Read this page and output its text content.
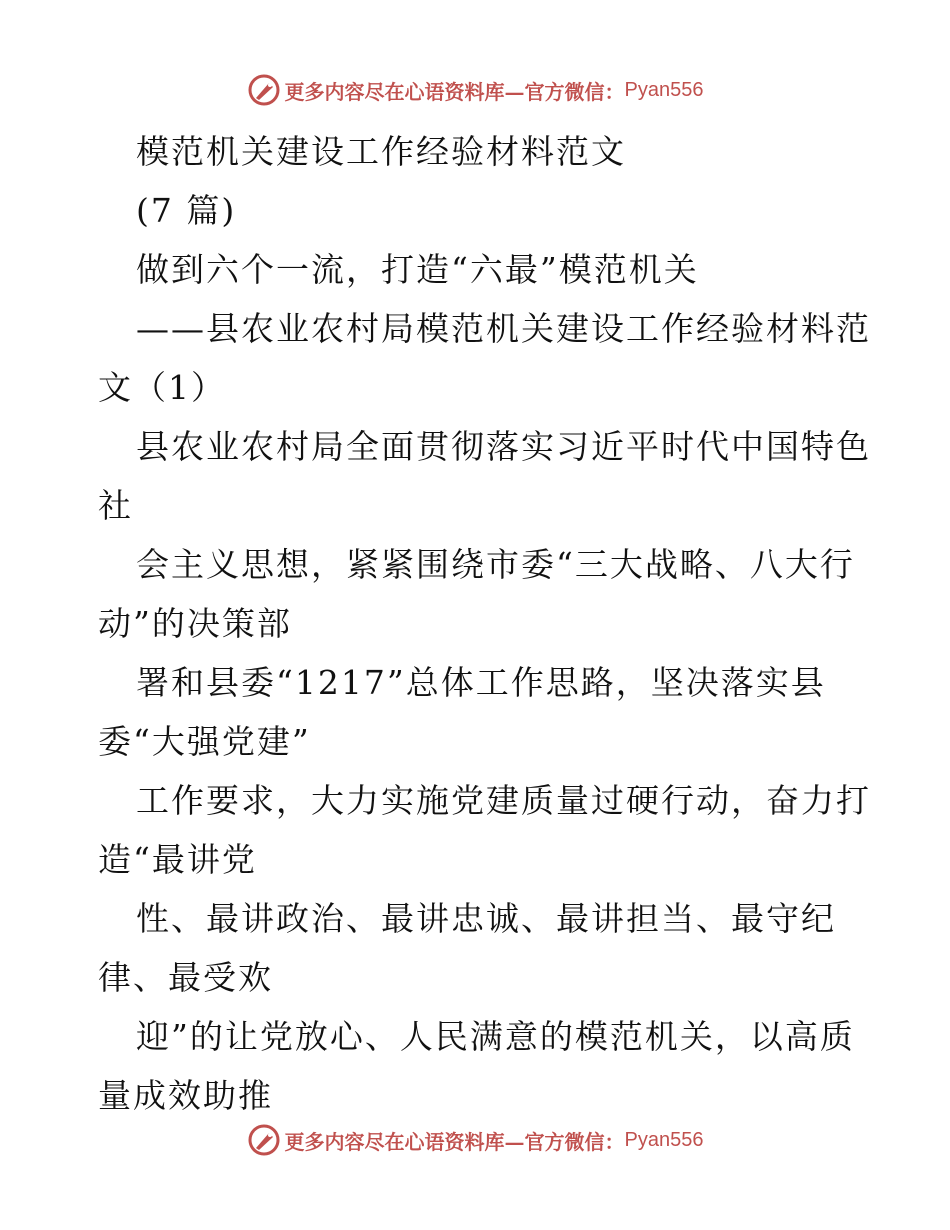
更多内容尽在心语资料库—官方微信： Pyan556
模范机关建设工作经验材料范文
(7 篇)
做到六个一流，打造“六最”模范机关
——县农业农村局模范机关建设工作经验材料范
文（1）
县农业农村局全面贯彻落实习近平时代中国特色
社
会主义思想，紧紧围绕市委“三大战略、八大行
动”的决策部
署和县委“1217”总体工作思路，坚决落实县
委“大强党建”
工作要求，大力实施党建质量过硬行动，奋力打
造“最讲党
性、最讲政治、最讲忠诚、最讲担当、最守纪
律、最受欢
迎”的让党放心、人民满意的模范机关，以高质
量成效助推
更多内容尽在心语资料库—官方微信： Pyan556
